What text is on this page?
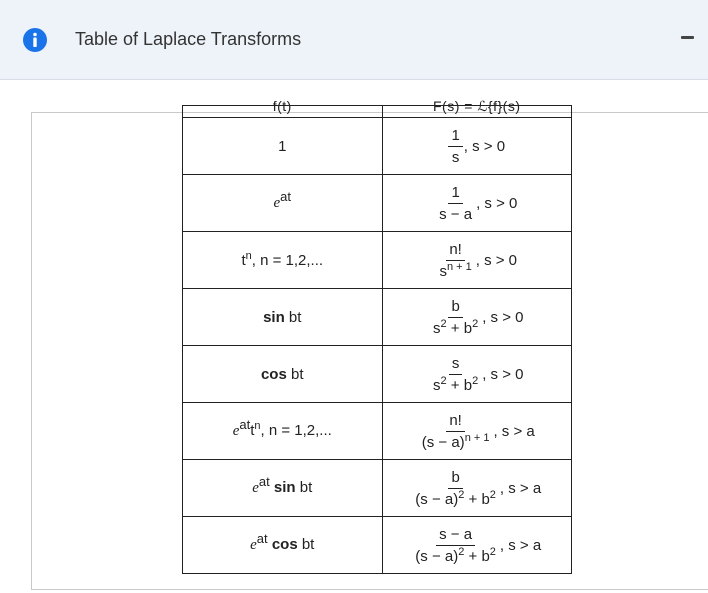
Table of Laplace Transforms
f(t)	F(s) = ℒ{f}(s)
1	$\frac{1}{s}$ , s > 0
$e^{at}$	$\frac{1}{s - a}$ , s > 0
$t^n$, n = 1,2,...	$\frac{n!}{s^{n + 1}}$ , s > 0
sin bt	$\frac{b}{s^2 + b^2}$ , s > 0
cos bt	$\frac{s}{s^2 + b^2}$ , s > 0
$e^{at}t^n$, n = 1,2,...	$\frac{n!}{(s - a)^{n + 1}}$ , s > a
$e^{at}$ sin bt	$\frac{b}{(s - a)^2 + b^2}$ , s > a
$e^{at}$ cos bt	$\frac{s - a}{(s - a)^2 + b^2}$ , s > a
